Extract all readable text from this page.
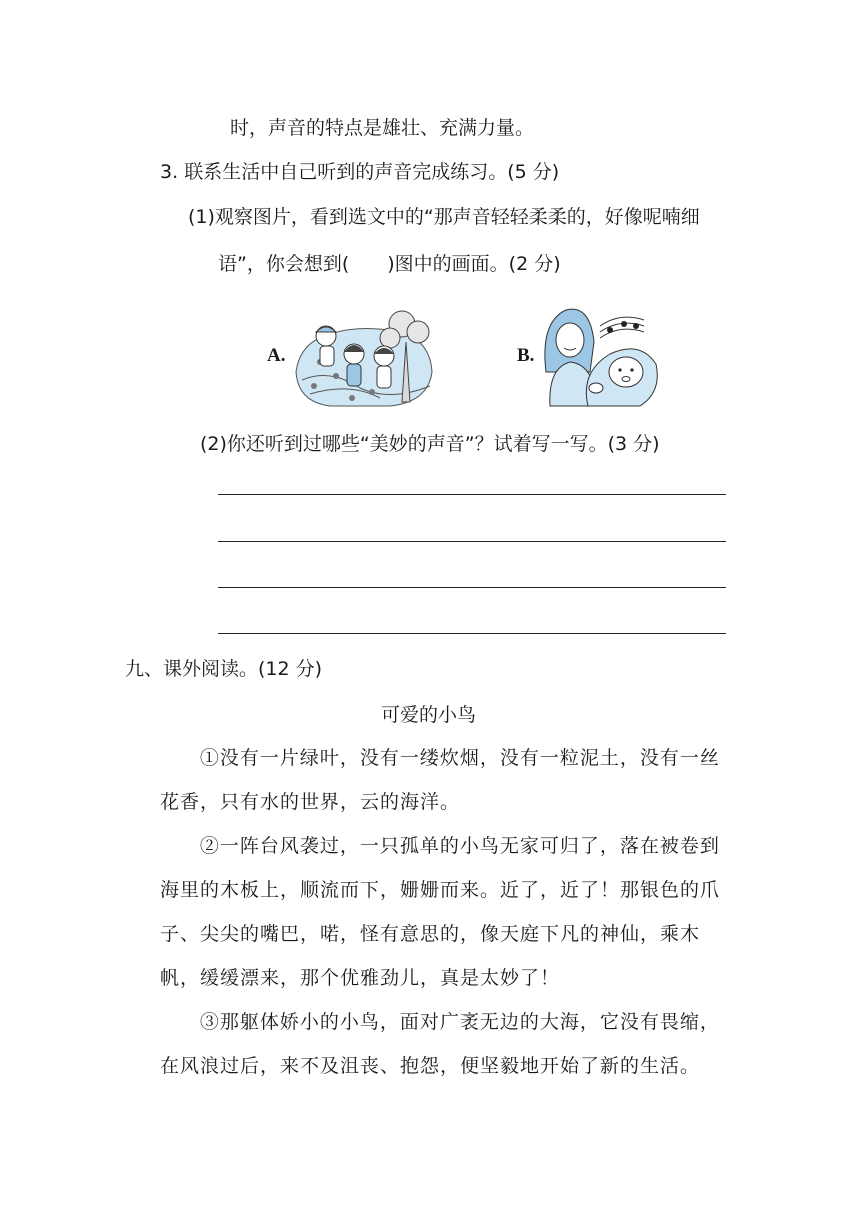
时，声音的特点是雄壮、充满力量。
3. 联系生活中自己听到的声音完成练习。(5 分)
(1)观察图片，看到选文中的“那声音轻轻柔柔的，好像呢喃细
语”，你会想到(　　)图中的画面。(2 分)
A.	B.
(2)你还听到过哪些“美妙的声音”？试着写一写。(3 分)
九、课外阅读。(12 分)
可爱的小鸟

①没有一片绿叶，没有一缕炊烟，没有一粒泥土，没有一丝花香，只有水的世界，云的海洋。

②一阵台风袭过，一只孤单的小鸟无家可归了，落在被卷到海里的木板上，顺流而下，姗姗而来。近了，近了！那银色的爪子、尖尖的嘴巴，喏，怪有意思的，像天庭下凡的神仙，乘木帆，缓缓漂来，那个优雅劲儿，真是太妙了！

③那躯体娇小的小鸟，面对广袤无边的大海，它没有畏缩，在风浪过后，来不及沮丧、抱怨，便坚毅地开始了新的生活。
